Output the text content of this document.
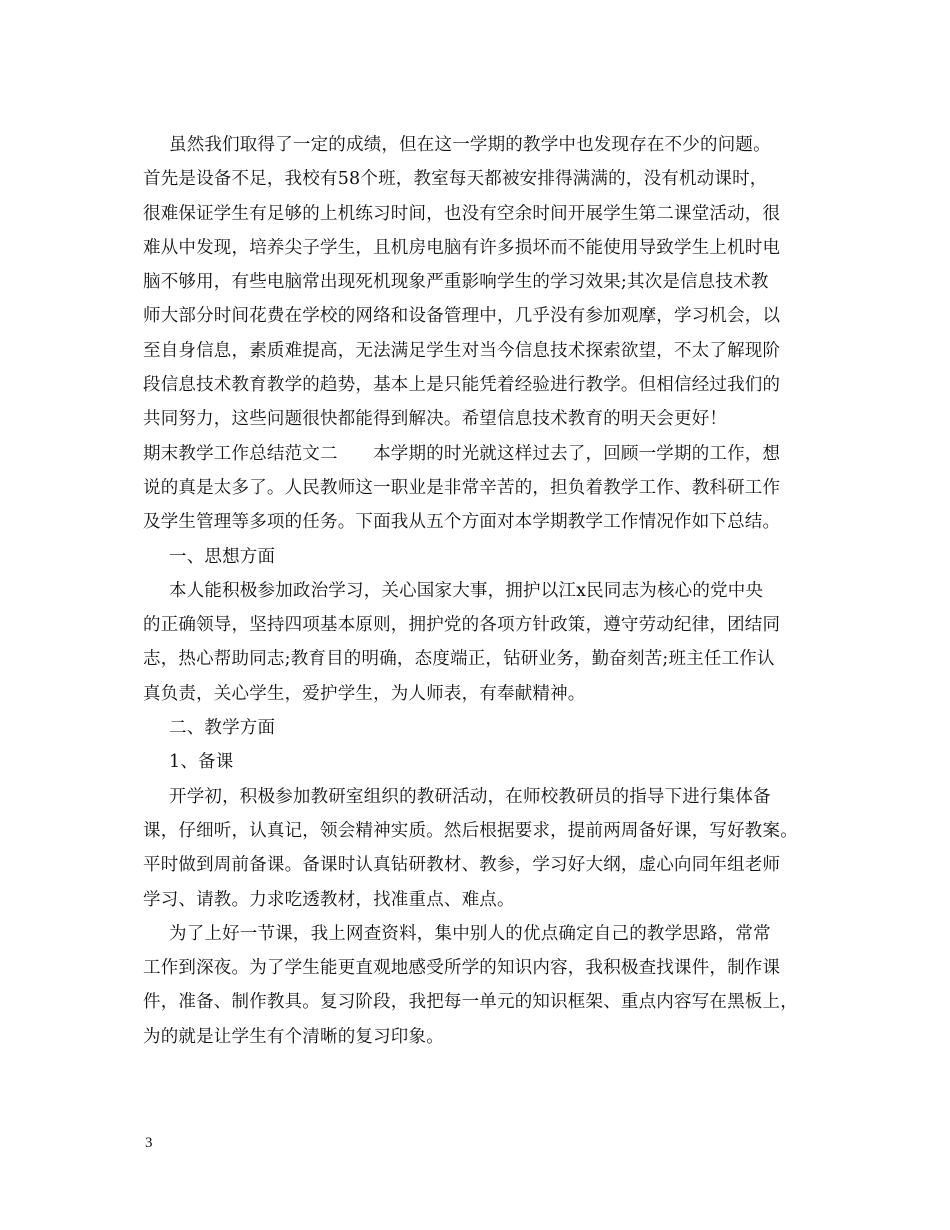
虽然我们取得了一定的成绩，但在这一学期的教学中也发现存在不少的问题。
首先是设备不足，我校有58个班，教室每天都被安排得满满的，没有机动课时，
很难保证学生有足够的上机练习时间，也没有空余时间开展学生第二课堂活动，很
难从中发现，培养尖子学生，且机房电脑有许多损坏而不能使用导致学生上机时电
脑不够用，有些电脑常出现死机现象严重影响学生的学习效果;其次是信息技术教
师大部分时间花费在学校的网络和设备管理中，几乎没有参加观摩，学习机会，以
至自身信息，素质难提高，无法满足学生对当今信息技术探索欲望，不太了解现阶
段信息技术教育教学的趋势，基本上是只能凭着经验进行教学。但相信经过我们的
共同努力，这些问题很快都能得到解决。希望信息技术教育的明天会更好！
期末教学工作总结范文二　　本学期的时光就这样过去了，回顾一学期的工作，想
说的真是太多了。人民教师这一职业是非常辛苦的，担负着教学工作、教科研工作
及学生管理等多项的任务。下面我从五个方面对本学期教学工作情况作如下总结。
一、思想方面
本人能积极参加政治学习，关心国家大事，拥护以江x民同志为核心的党中央
的正确领导，坚持四项基本原则，拥护党的各项方针政策，遵守劳动纪律，团结同
志，热心帮助同志;教育目的明确，态度端正，钻研业务，勤奋刻苦;班主任工作认
真负责，关心学生，爱护学生，为人师表，有奉献精神。
二、教学方面
1、备课
开学初，积极参加教研室组织的教研活动，在师校教研员的指导下进行集体备
课，仔细听，认真记，领会精神实质。然后根据要求，提前两周备好课，写好教案。
平时做到周前备课。备课时认真钻研教材、教参，学习好大纲，虚心向同年组老师
学习、请教。力求吃透教材，找准重点、难点。
为了上好一节课，我上网查资料，集中别人的优点确定自己的教学思路，常常
工作到深夜。为了学生能更直观地感受所学的知识内容，我积极查找课件，制作课
件，准备、制作教具。复习阶段，我把每一单元的知识框架、重点内容写在黑板上，
为的就是让学生有个清晰的复习印象。
3
